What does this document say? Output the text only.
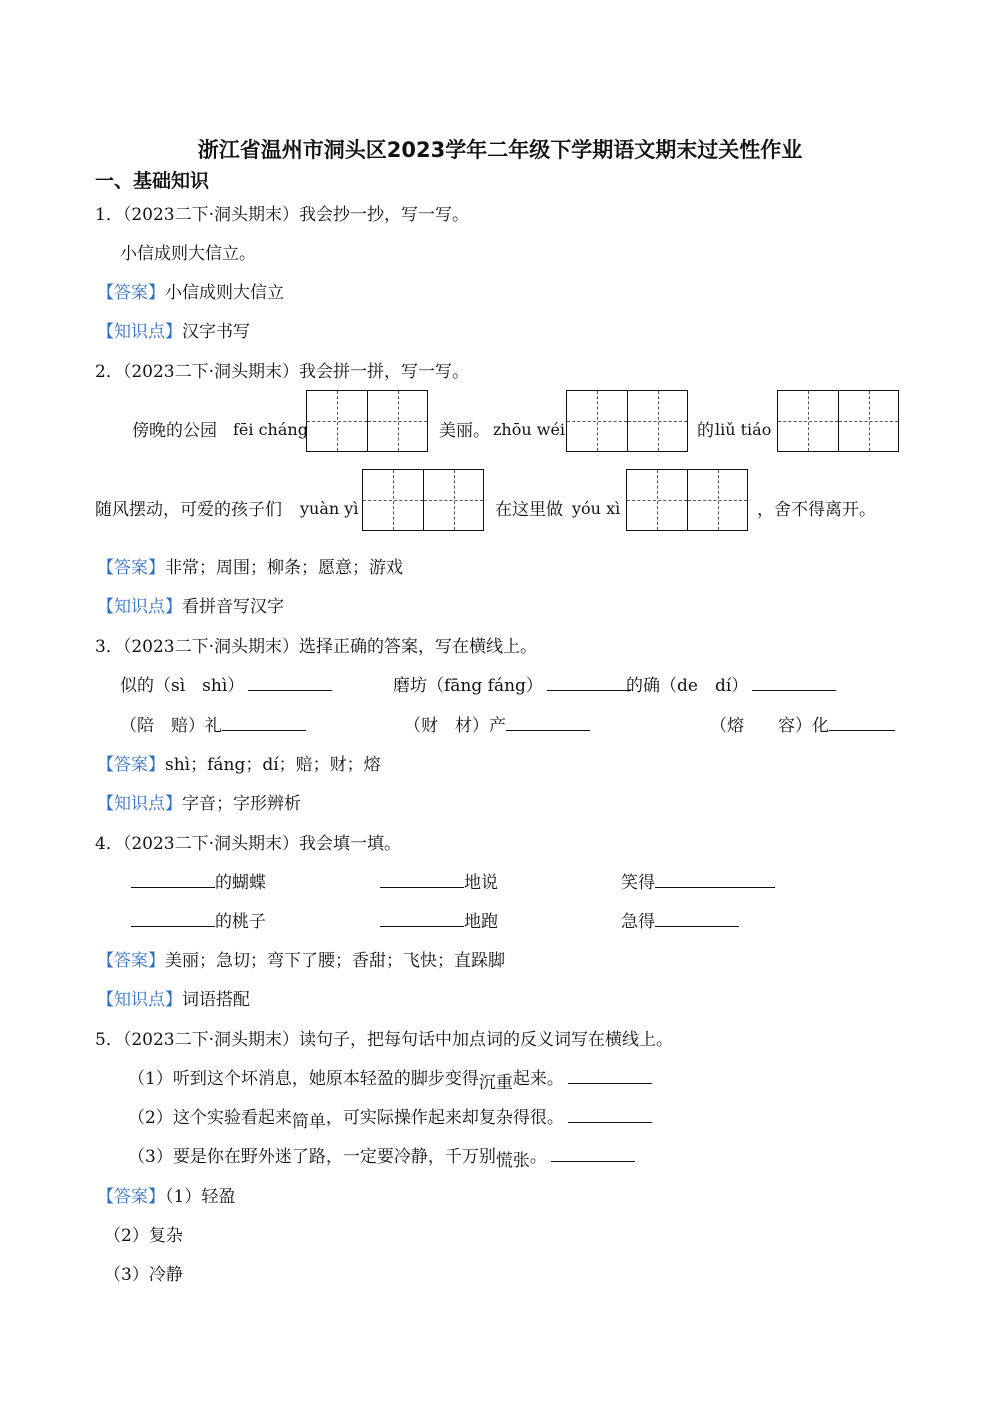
浙江省温州市洞头区2023学年二年级下学期语文期末过关性作业
一、基础知识
1．（2023二下·洞头期末）我会抄一抄，写一写。
小信成则大信立。
【答案】小信成则大信立
【知识点】汉字书写
2．（2023二下·洞头期末）我会拼一拼，写一写。
傍晚的公园 fēi cháng	美丽。 zhōu wéi	的 liǔ tiáo
随风摆动，可爱的孩子们 yuàn yì	在这里做 yóu xì	，舍不得离开。
【答案】非常；周围；柳条；愿意；游戏
【知识点】看拼音写汉字
3．（2023二下·洞头期末）选择正确的答案，写在横线上。
似的（sì　shì）	磨坊（fāng fáng）	的确（de　dí）
（陪　赔）礼	（财　材）产	（熔　　容）化
【答案】shì；fáng；dí；赔；财；熔
【知识点】字音；字形辨析
4．（2023二下·洞头期末）我会填一填。
的蝴蝶	地说	笑得
的桃子	地跑	急得
【答案】美丽；急切；弯下了腰；香甜；飞快；直跺脚
【知识点】词语搭配
5．（2023二下·洞头期末）读句子，把每句话中加点词的反义词写在横线上。
（1）听到这个坏消息，她原本轻盈的脚步变得沉重起来。
（2）这个实验看起来简单，可实际操作起来却复杂得很。
（3）要是你在野外迷了路，一定要冷静，千万别慌张。
【答案】（1）轻盈
（2）复杂
（3）冷静
